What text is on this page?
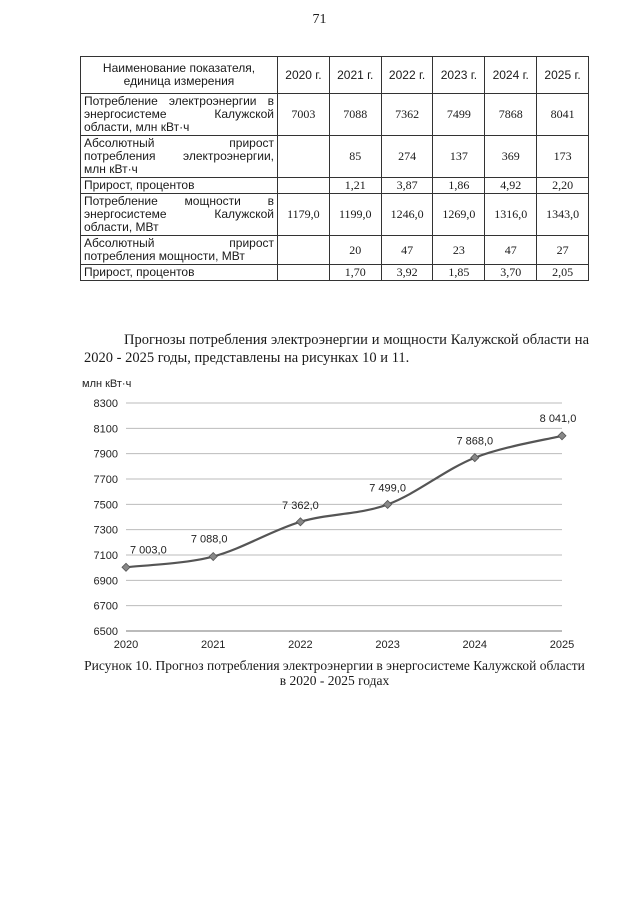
71
Наименование показателя, единица измерения	2020 г.	2021 г.	2022 г.	2023 г.	2024 г.	2025 г.
Потребление электроэнергии в энергосистеме Калужской области, млн кВт·ч	7003	7088	7362	7499	7868	8041
Абсолютный прирост потребления электроэнергии, млн кВт·ч		85	274	137	369	173
Прирост, процентов		1,21	3,87	1,86	4,92	2,20
Потребление мощности в энергосистеме Калужской области, МВт	1179,0	1199,0	1246,0	1269,0	1316,0	1343,0
Абсолютный прирост потребления мощности, МВт		20	47	23	47	27
Прирост, процентов		1,70	3,92	1,85	3,70	2,05

Прогнозы потребления электроэнергии и мощности Калужской области на 2020 - 2025 годы, представлены на рисунках 10 и 11.

млн кВт·ч
6500
6700
6900
7100
7300
7500
7700
7900
8100
8300
2020	2021	2022	2023	2024	2025
7 003,0
7 088,0
7 362,0
7 499,0
7 868,0
8 041,0
Рисунок 10. Прогноз потребления электроэнергии в энергосистеме Калужской области
в 2020 - 2025 годах
